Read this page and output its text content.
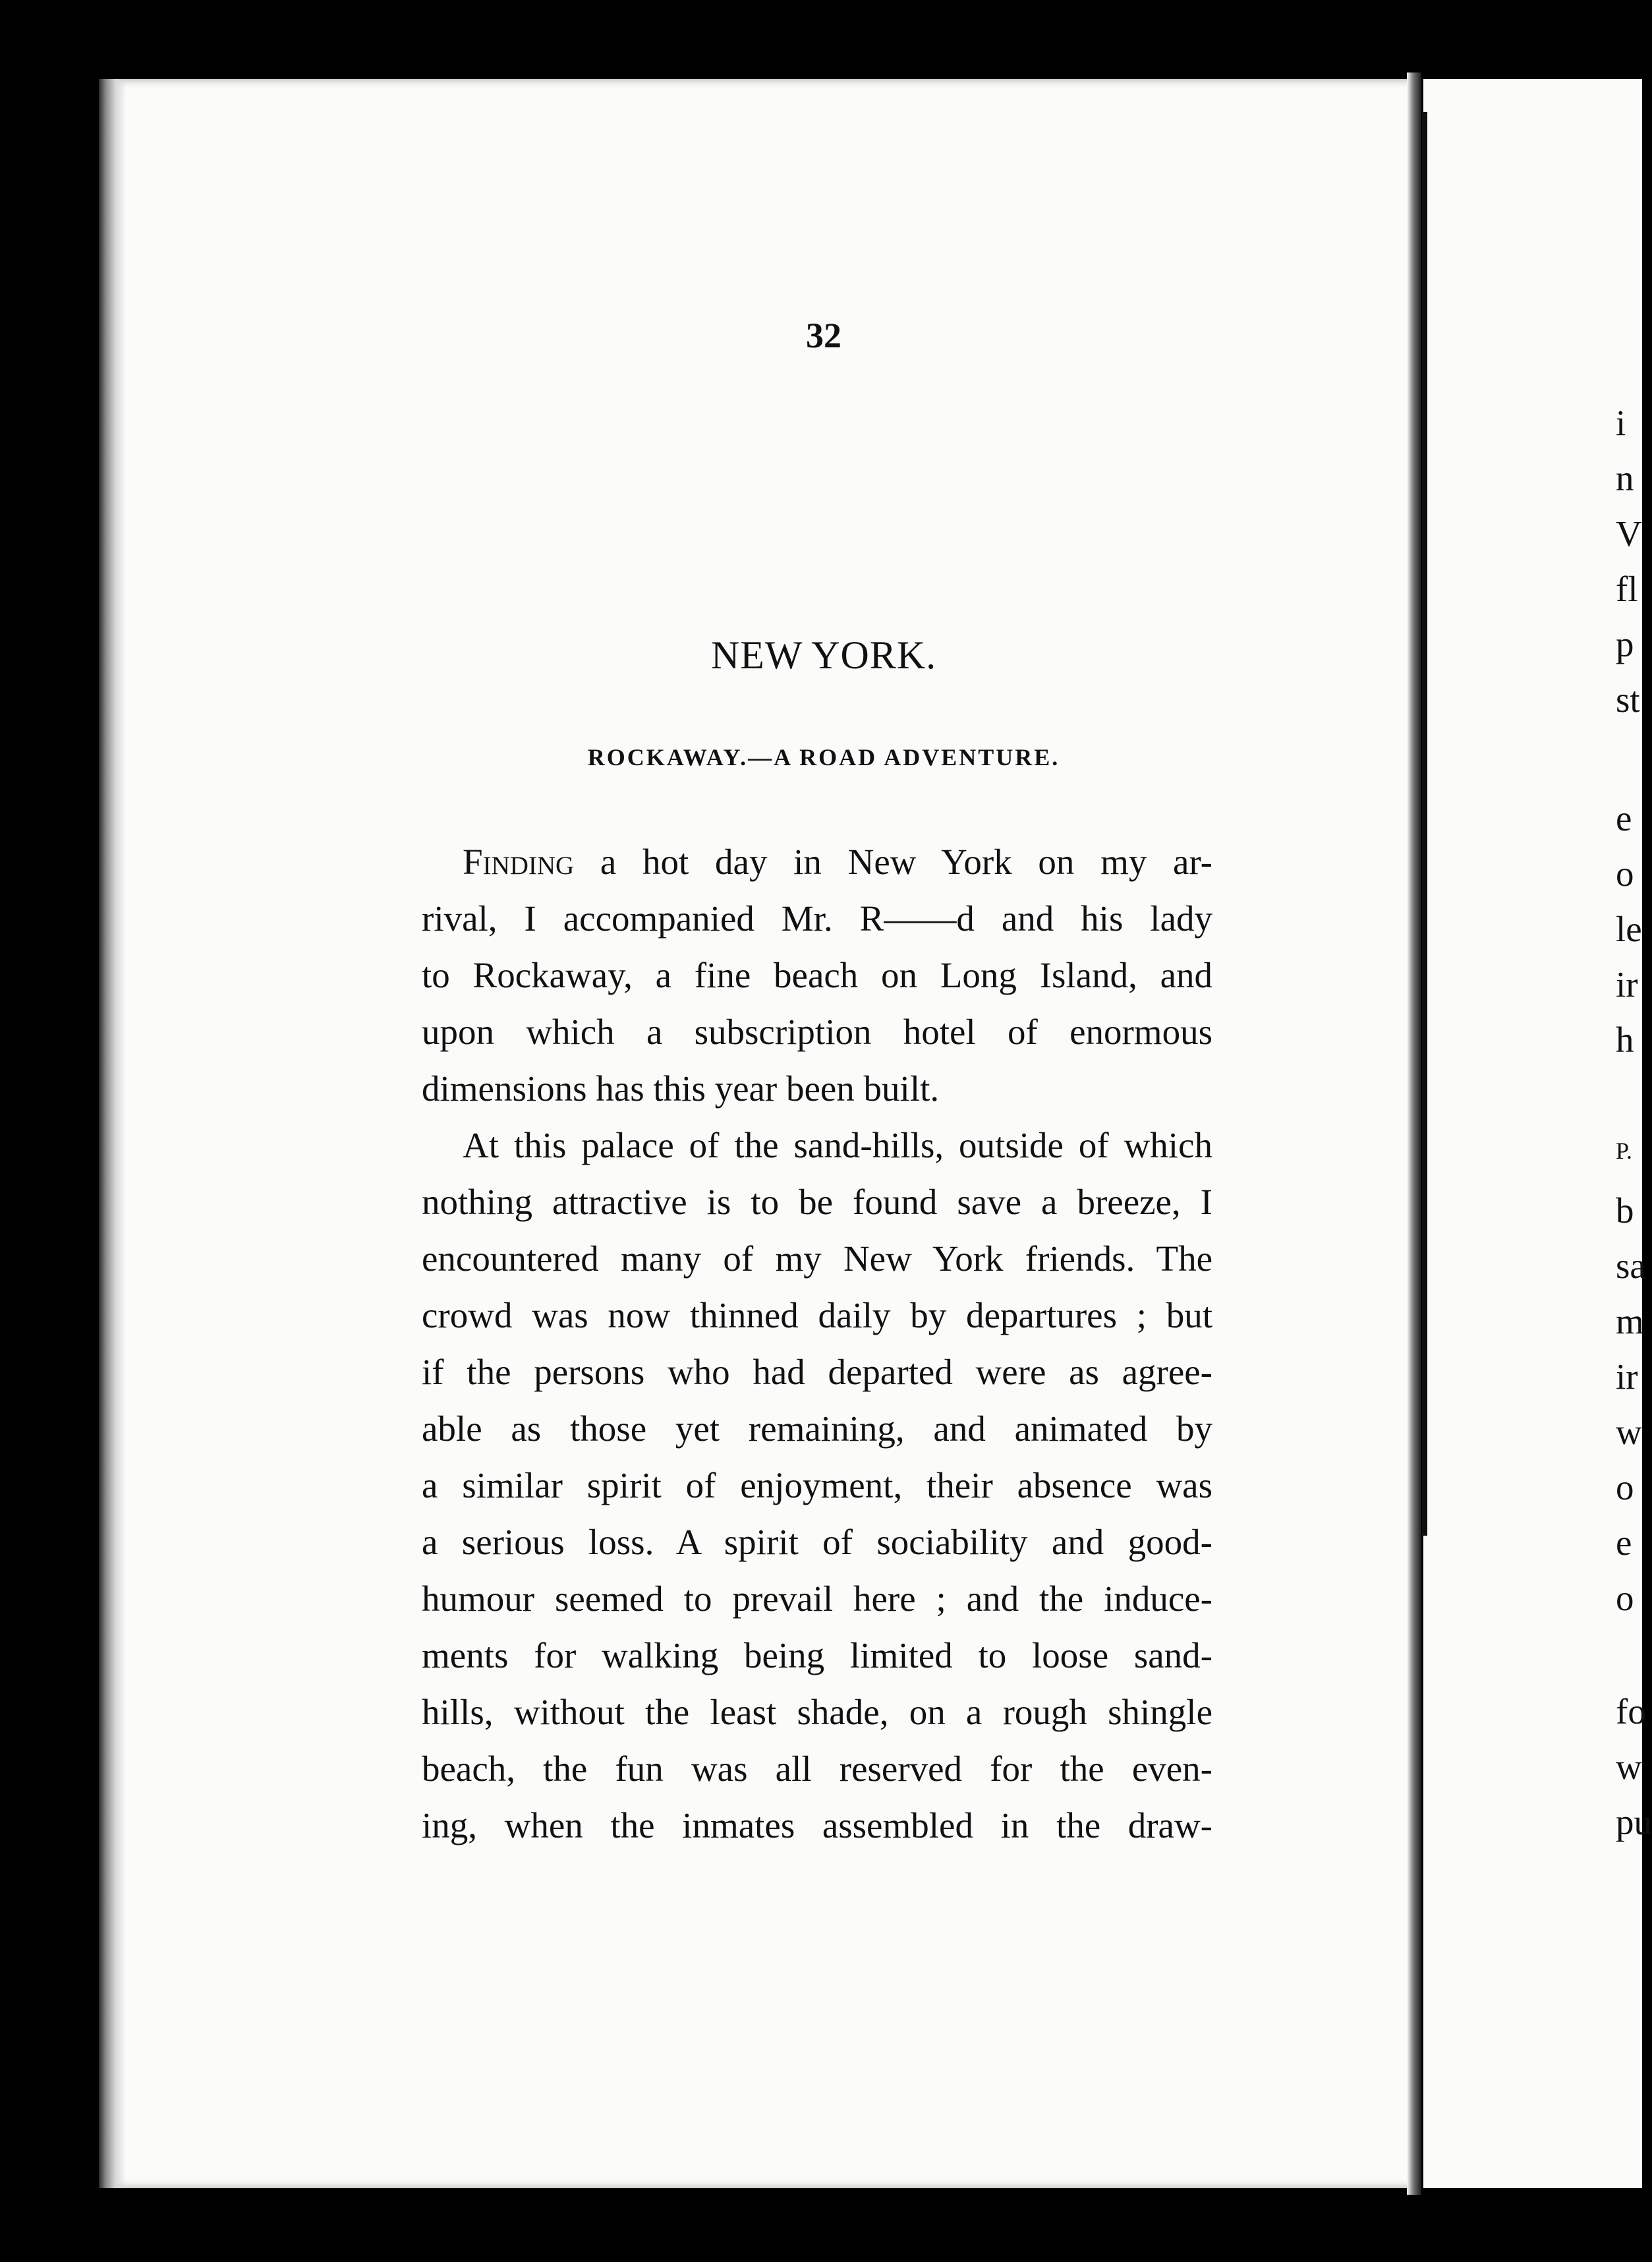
32
NEW YORK.
ROCKAWAY.—A ROAD ADVENTURE.
Finding a hot day in New York on my ar-
rival, I accompanied Mr. R——d and his lady
to Rockaway, a fine beach on Long Island, and
upon which a subscription hotel of enormous
dimensions has this year been built.
At this palace of the sand-hills, outside of which
nothing attractive is to be found save a breeze, I
encountered many of my New York friends. The
crowd was now thinned daily by departures ; but
if the persons who had departed were as agree-
able as those yet remaining, and animated by
a similar spirit of enjoyment, their absence was
a serious loss. A spirit of sociability and good-
humour seemed to prevail here ; and the induce-
ments for walking being limited to loose sand-
hills, without the least shade, on a rough shingle
beach, the fun was all reserved for the even-
ing, when the inmates assembled in the draw-
i
n
V
fl
p
st
e
o
le
ir
h
P.
b
sa
m
ir
w
o
e
o
fo
w
pu
